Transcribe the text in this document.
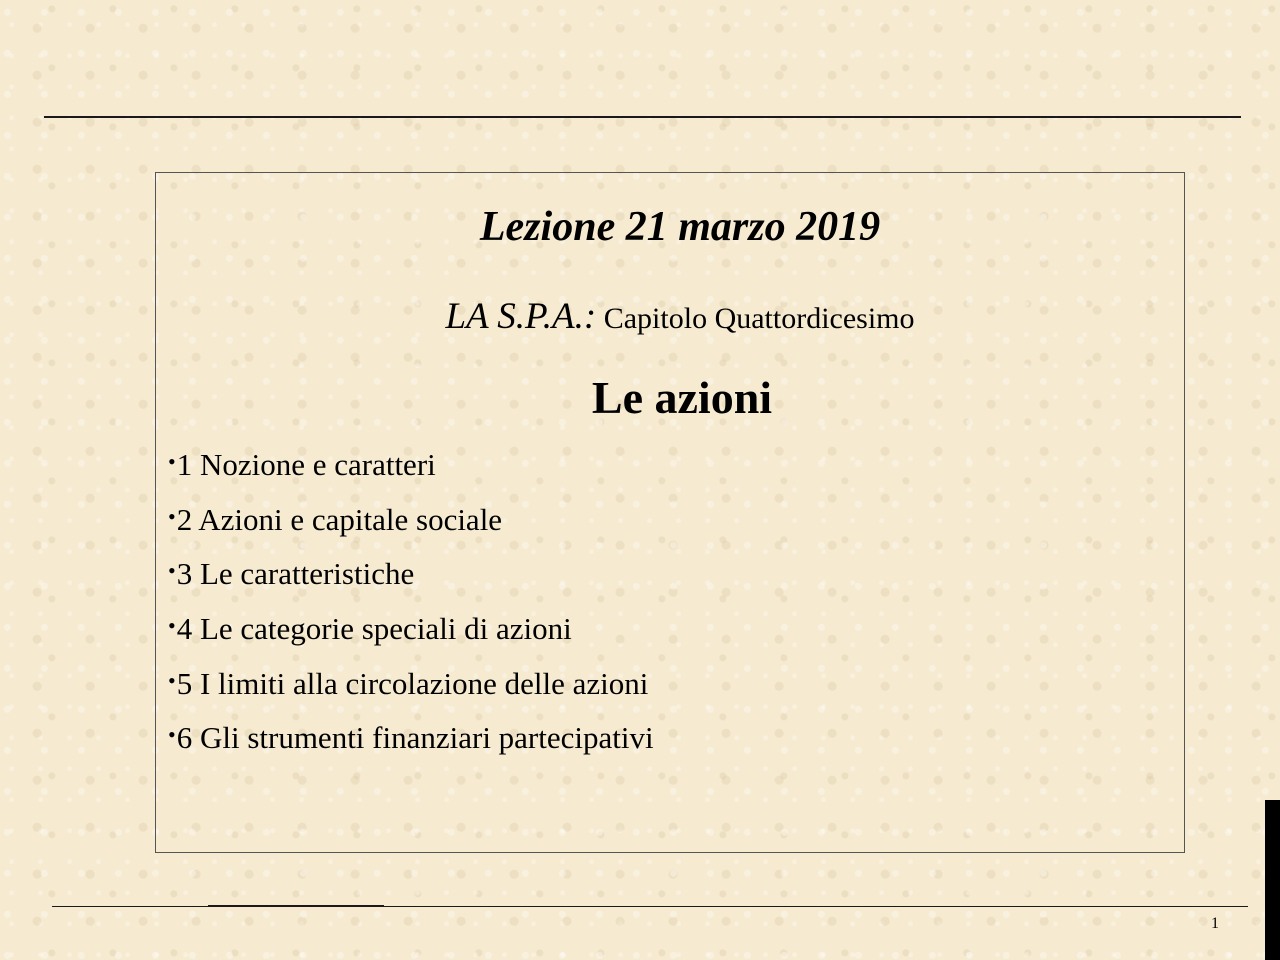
Lezione 21 marzo 2019
LA S.P.A.: Capitolo Quattordicesimo
Le azioni
•1 Nozione e caratteri
•2 Azioni e capitale sociale
•3 Le caratteristiche
•4 Le categorie speciali di azioni
•5 I limiti alla circolazione delle azioni
•6 Gli strumenti finanziari partecipativi
1
